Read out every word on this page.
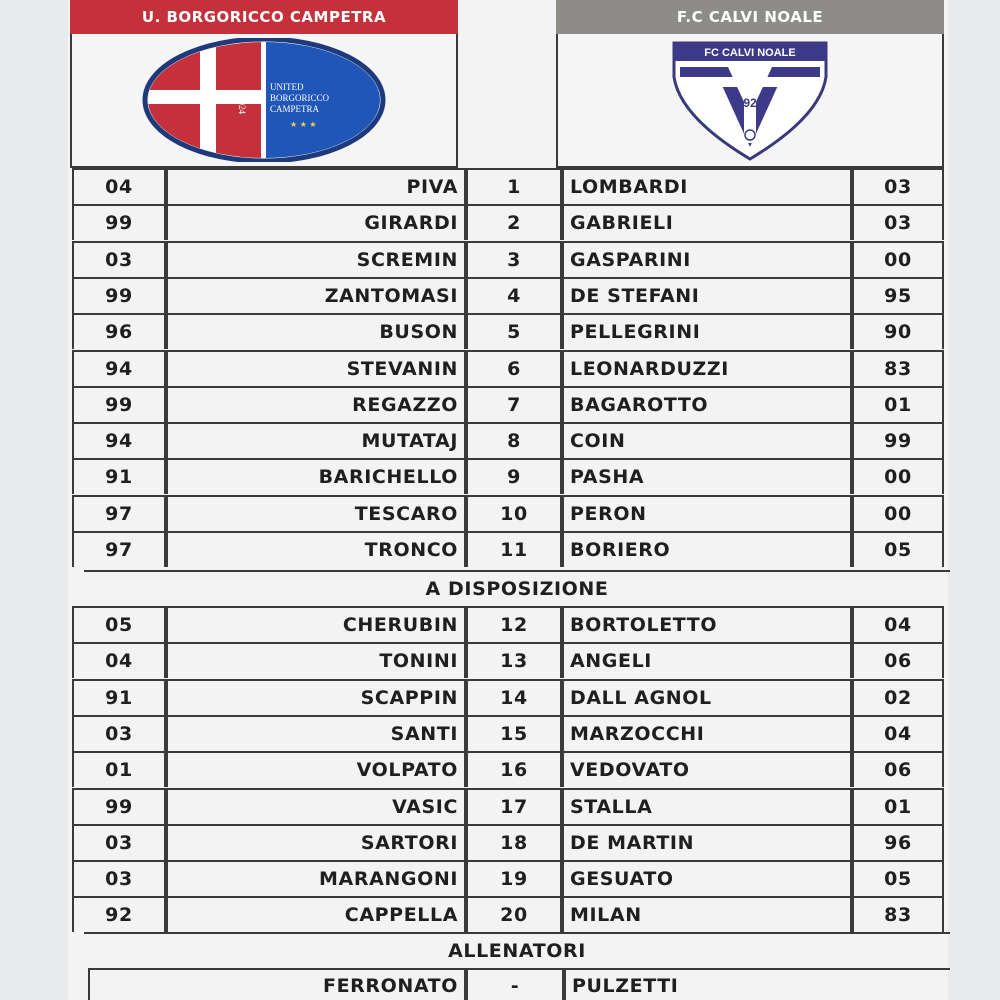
U. BORGORICCO CAMPETRA	F.C CALVI NOALE
UNITED
BORGORICCO
CAMPETRA
1924
★ ★ ★
FC CALVI NOALE
1925
04	PIVA	1	LOMBARDI	03
99	GIRARDI	2	GABRIELI	03
03	SCREMIN	3	GASPARINI	00
99	ZANTOMASI	4	DE STEFANI	95
96	BUSON	5	PELLEGRINI	90
94	STEVANIN	6	LEONARDUZZI	83
99	REGAZZO	7	BAGAROTTO	01
94	MUTATAJ	8	COIN	99
91	BARICHELLO	9	PASHA	00
97	TESCARO	10	PERON	00
97	TRONCO	11	BORIERO	05
A DISPOSIZIONE
05	CHERUBIN	12	BORTOLETTO	04
04	TONINI	13	ANGELI	06
91	SCAPPIN	14	DALL AGNOL	02
03	SANTI	15	MARZOCCHI	04
01	VOLPATO	16	VEDOVATO	06
99	VASIC	17	STALLA	01
03	SARTORI	18	DE MARTIN	96
03	MARANGONI	19	GESUATO	05
92	CAPPELLA	20	MILAN	83
ALLENATORI
FERRONATO	-	PULZETTI
